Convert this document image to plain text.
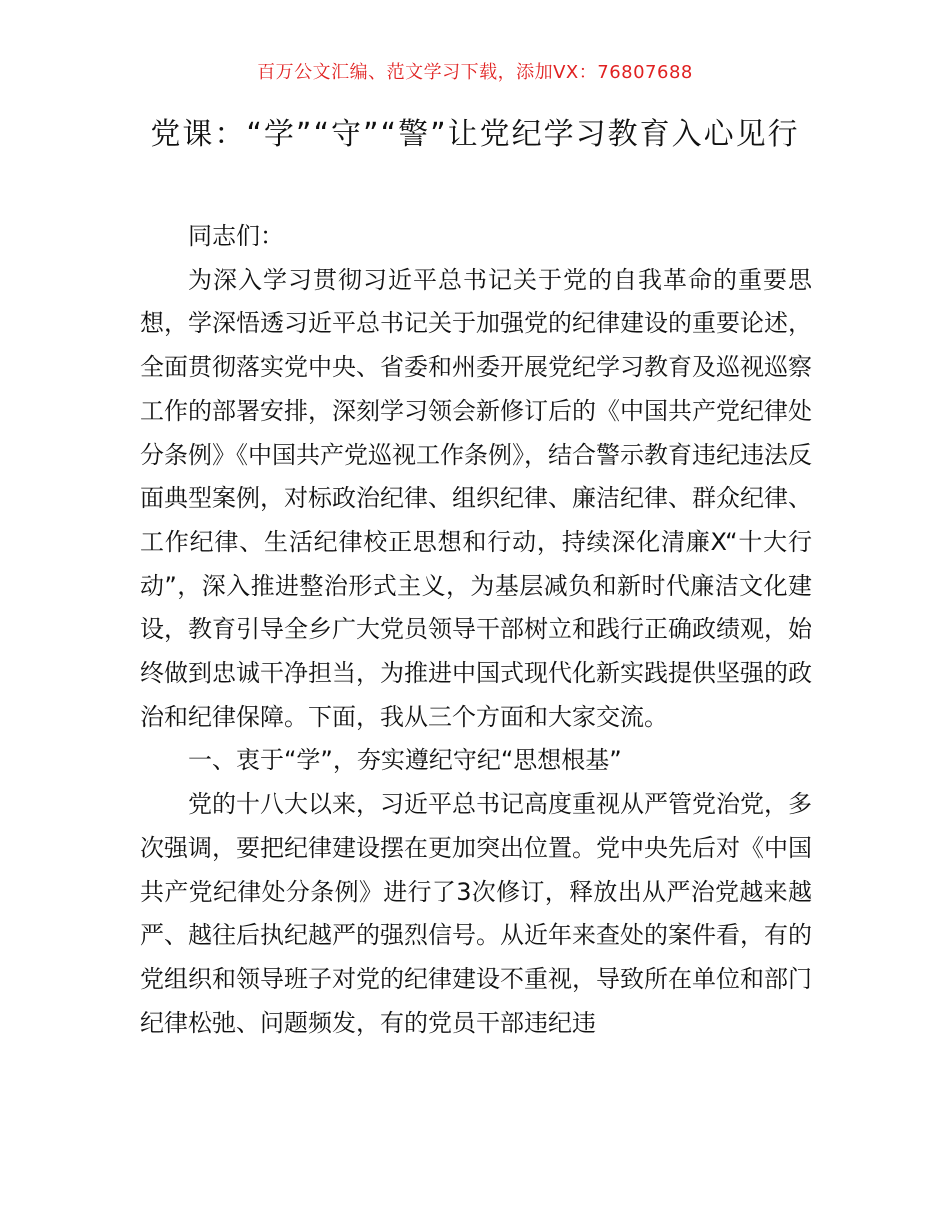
百万公文汇编、范文学习下载，添加VX：76807688
党课：“学”“守”“警”让党纪学习教育入心见行

同志们：

为深入学习贯彻习近平总书记关于党的自我革命的重要思想，学深悟透习近平总书记关于加强党的纪律建设的重要论述，全面贯彻落实党中央、省委和州委开展党纪学习教育及巡视巡察工作的部署安排，深刻学习领会新修订后的《中国共产党纪律处分条例》《中国共产党巡视工作条例》，结合警示教育违纪违法反面典型案例，对标政治纪律、组织纪律、廉洁纪律、群众纪律、工作纪律、生活纪律校正思想和行动，持续深化清廉X“十大行动”，深入推进整治形式主义，为基层减负和新时代廉洁文化建设，教育引导全乡广大党员领导干部树立和践行正确政绩观，始终做到忠诚干净担当，为推进中国式现代化新实践提供坚强的政治和纪律保障。下面，我从三个方面和大家交流。

一、衷于“学”，夯实遵纪守纪“思想根基”

党的十八大以来，习近平总书记高度重视从严管党治党，多次强调，要把纪律建设摆在更加突出位置。党中央先后对《中国共产党纪律处分条例》进行了3次修订，释放出从严治党越来越严、越往后执纪越严的强烈信号。从近年来查处的案件看，有的党组织和领导班子对党的纪律建设不重视，导致所在单位和部门纪律松弛、问题频发，有的党员干部违纪违
